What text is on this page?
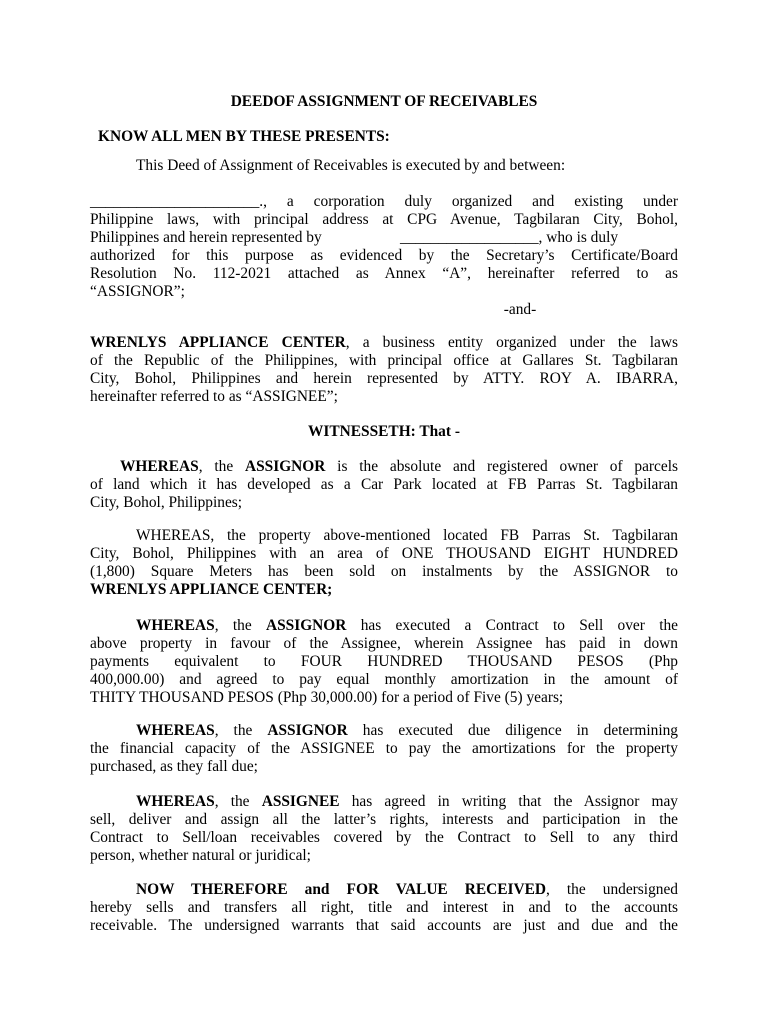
DEEDOF ASSIGNMENT OF RECEIVABLES
KNOW ALL MEN BY THESE PRESENTS:
This Deed of Assignment of Receivables is executed by and between:
______________________., a corporation duly organized and existing under
Philippine laws, with principal address at CPG Avenue, Tagbilaran City, Bohol,
Philippines and herein represented by	__________________, who is duly
authorized for this purpose as evidenced by the Secretary’s Certificate/Board
Resolution No. 112-2021 attached as Annex “A”, hereinafter referred to as
“ASSIGNOR”;
-and-
WRENLYS APPLIANCE CENTER, a business entity organized under the laws
of the Republic of the Philippines, with principal office at Gallares St. Tagbilaran
City, Bohol, Philippines and herein represented by ATTY. ROY A. IBARRA,
hereinafter referred to as “ASSIGNEE”;
WITNESSETH: That -
WHEREAS, the ASSIGNOR is the absolute and registered owner of parcels
of land which it has developed as a Car Park located at FB Parras St. Tagbilaran
City, Bohol, Philippines;
WHEREAS, the property above-mentioned located FB Parras St. Tagbilaran
City, Bohol, Philippines with an area of ONE THOUSAND EIGHT HUNDRED
(1,800) Square Meters has been sold on instalments by the ASSIGNOR to
WRENLYS APPLIANCE CENTER;
WHEREAS, the ASSIGNOR has executed a Contract to Sell over the
above property in favour of the Assignee, wherein Assignee has paid in down
payments equivalent to FOUR HUNDRED THOUSAND PESOS (Php
400,000.00) and agreed to pay equal monthly amortization in the amount of
THITY THOUSAND PESOS (Php 30,000.00) for a period of Five (5) years;
WHEREAS, the ASSIGNOR has executed due diligence in determining
the financial capacity of the ASSIGNEE to pay the amortizations for the property
purchased, as they fall due;
WHEREAS, the ASSIGNEE has agreed in writing that the Assignor may
sell, deliver and assign all the latter’s rights, interests and participation in the
Contract to Sell/loan receivables covered by the Contract to Sell to any third
person, whether natural or juridical;
NOW THEREFORE and FOR VALUE RECEIVED, the undersigned
hereby sells and transfers all right, title and interest in and to the accounts
receivable. The undersigned warrants that said accounts are just and due and the
